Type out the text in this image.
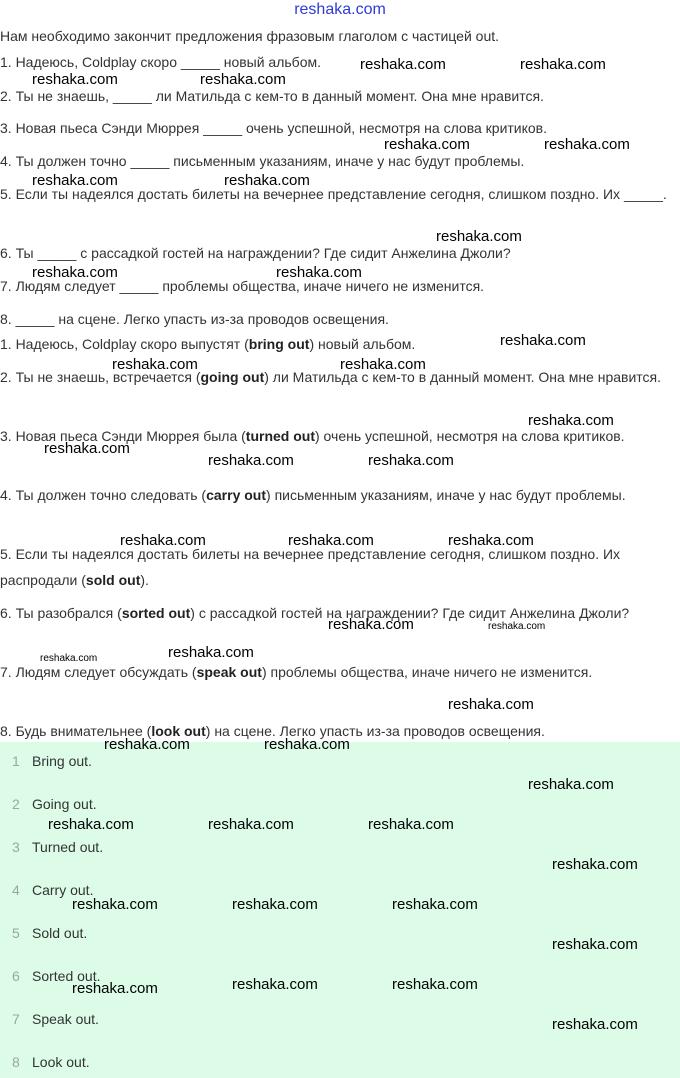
reshaka.com
Нам необходимо закончит предложения фразовым глаголом с частицей out.
1. Надеюсь, Coldplay скоро _____ новый альбом.
2. Ты не знаешь, _____ ли Матильда с кем-то в данный момент. Она мне нравится.
3. Новая пьеса Сэнди Мюррея _____ очень успешной, несмотря на слова критиков.
4. Ты должен точно _____ письменным указаниям, иначе у нас будут проблемы.
5. Если ты надеялся достать билеты на вечернее представление сегодня, слишком поздно. Их _____.
6. Ты _____ с рассадкой гостей на награждении? Где сидит Анжелина Джоли?
7. Людям следует _____ проблемы общества, иначе ничего не изменится.
8. _____ на сцене. Легко упасть из-за проводов освещения.
1. Надеюсь, Coldplay скоро выпустят (bring out) новый альбом.
2. Ты не знаешь, встречается (going out) ли Матильда с кем-то в данный момент. Она мне нравится.
3. Новая пьеса Сэнди Мюррея была (turned out) очень успешной, несмотря на слова критиков.
4. Ты должен точно следовать (carry out) письменным указаниям, иначе у нас будут проблемы.
5. Если ты надеялся достать билеты на вечернее представление сегодня, слишком поздно. Их распродали (sold out).
6. Ты разобрался (sorted out) с рассадкой гостей на награждении? Где сидит Анжелина Джоли?
7. Людям следует обсуждать (speak out) проблемы общества, иначе ничего не изменится.
8. Будь внимательнее (look out) на сцене. Легко упасть из-за проводов освещения.
1 Bring out.
2 Going out.
3 Turned out.
4 Carry out.
5 Sold out.
6 Sorted out.
7 Speak out.
8 Look out.
reshaka.com	reshaka.com
reshaka.com	reshaka.com
reshaka.com	reshaka.com
reshaka.com	reshaka.com
reshaka.com
reshaka.com	reshaka.com
reshaka.com
reshaka.com	reshaka.com
reshaka.com
reshaka.com
reshaka.com	reshaka.com
reshaka.com	reshaka.com	reshaka.com
reshaka.com	reshaka.com
reshaka.com
reshaka.com
reshaka.com
reshaka.com	reshaka.com
reshaka.com
reshaka.com	reshaka.com	reshaka.com
reshaka.com
reshaka.com	reshaka.com	reshaka.com
reshaka.com
reshaka.com	reshaka.com	reshaka.com
reshaka.com
